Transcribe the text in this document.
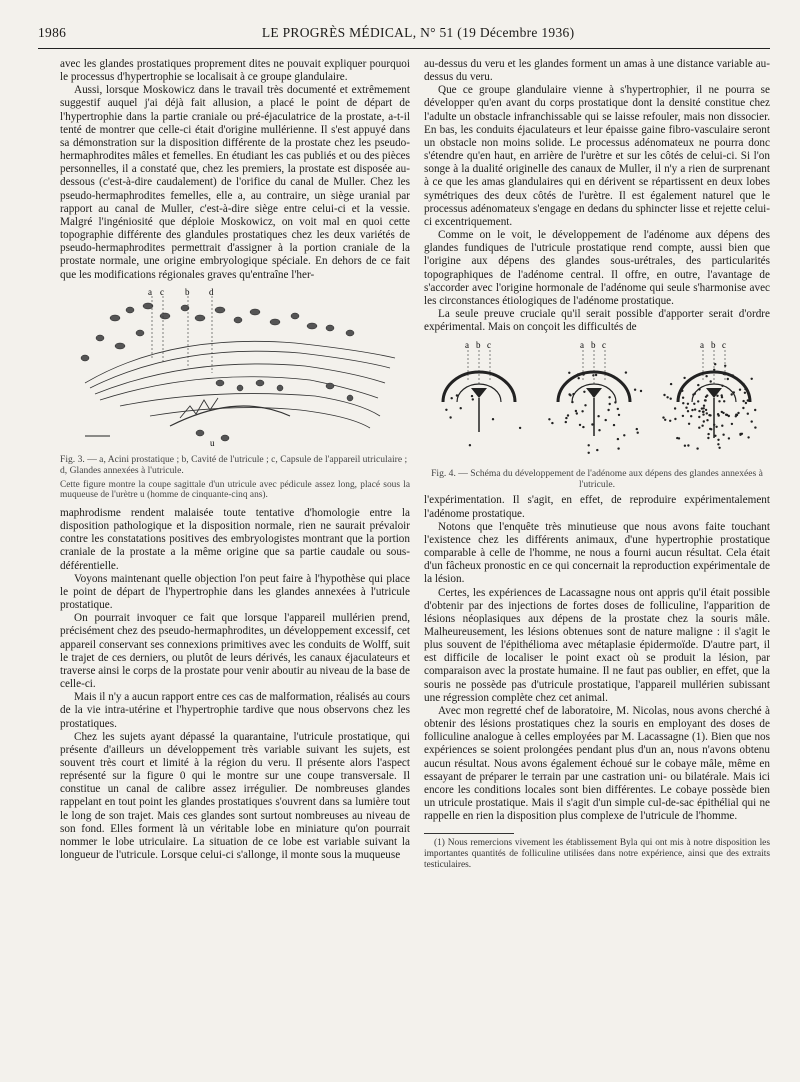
1986	LE PROGRÈS MÉDICAL, N° 51 (19 Décembre 1936)

avec les glandes prostatiques proprement dites ne pouvait expliquer pourquoi le processus d'hypertrophie se localisait à ce groupe glandulaire.

Aussi, lorsque Moskowicz dans le travail très documenté et extrêmement suggestif auquel j'ai déjà fait allusion, a placé le point de départ de l'hypertrophie dans la partie craniale ou pré-éjaculatrice de la prostate, a-t-il tenté de montrer que celle-ci était d'origine mullérienne. Il s'est appuyé dans sa démonstration sur la disposition différente de la prostate chez les pseudo-hermaphrodites mâles et femelles. En étudiant les cas publiés et ou des pièces personnelles, il a constaté que, chez les premiers, la prostate est disposée au-dessous (c'est-à-dire caudalement) de l'orifice du canal de Muller. Chez les pseudo-hermaphrodites femelles, elle a, au contraire, un siège uranial par rapport au canal de Muller, c'est-à-dire siège entre celui-ci et la vessie. Malgré l'ingéniosité que déploie Moskowicz, on voit mal en quoi cette topographie différente des glandules prostatiques chez les deux variétés de pseudo-hermaphrodites permettrait d'assigner à la portion craniale de la prostate normale, une origine embryologique spéciale. En dehors de ce fait que les modifications régionales graves qu'entraîne l'her-

a c b d
u
Fig. 3. — a, Acini prostatique ; b, Cavité de l'utricule ; c, Capsule de l'appareil utriculaire ; d, Glandes annexées à l'utricule.
Cette figure montre la coupe sagittale d'un utricule avec pédicule assez long, placé sous la muqueuse de l'urètre u (homme de cinquante-cinq ans).

maphrodisme rendent malaisée toute tentative d'homologie entre la disposition pathologique et la disposition normale, rien ne saurait prévaloir contre les constatations positives des embryologistes montrant que la portion craniale de la prostate a la même origine que sa partie caudale ou sous-déférentielle.

Voyons maintenant quelle objection l'on peut faire à l'hypothèse qui place le point de départ de l'hypertrophie dans les glandes annexées à l'utricule prostatique.

On pourrait invoquer ce fait que lorsque l'appareil mullérien prend, précisément chez des pseudo-hermaphrodites, un développement excessif, cet appareil conservant ses connexions primitives avec les conduits de Wolff, suit le trajet de ces derniers, ou plutôt de leurs dérivés, les canaux éjaculateurs et traverse ainsi le corps de la prostate pour venir aboutir au niveau de la base de celle-ci.

Mais il n'y a aucun rapport entre ces cas de malformation, réalisés au cours de la vie intra-utérine et l'hypertrophie tardive que nous observons chez les prostatiques.

Chez les sujets ayant dépassé la quarantaine, l'utricule prostatique, qui présente d'ailleurs un développement très variable suivant les sujets, est souvent très court et limité à la région du veru. Il présente alors l'aspect représenté sur la figure 0 qui le montre sur une coupe transversale. Il constitue un canal de calibre assez irrégulier. De nombreuses glandes rappelant en tout point les glandes prostatiques s'ouvrent dans sa lumière tout le long de son trajet. Mais ces glandes sont surtout nombreuses au niveau de son fond. Elles forment là un véritable lobe en miniature qu'on pourrait nommer le lobe utriculaire. La situation de ce lobe est variable suivant la longueur de l'utricule. Lorsque celui-ci s'allonge, il monte sous la muqueuse

au-dessus du veru et les glandes forment un amas à une distance variable au-dessus du veru.

Que ce groupe glandulaire vienne à s'hypertrophier, il ne pourra se développer qu'en avant du corps prostatique dont la densité constitue chez l'adulte un obstacle infranchissable qui se laisse refouler, mais non dissocier. En bas, les conduits éjaculateurs et leur épaisse gaine fibro-vasculaire seront un obstacle non moins solide. Le processus adénomateux ne pourra donc s'étendre qu'en haut, en arrière de l'urètre et sur les côtés de celui-ci. Si l'on songe à la dualité originelle des canaux de Muller, il n'y a rien de surprenant à ce que les amas glandulaires qui en dérivent se répartissent en deux lobes symétriques des deux côtés de l'urètre. Il est également naturel que le processus adénomateux s'engage en dedans du sphincter lisse et rejette celui-ci excentriquement.

Comme on le voit, le développement de l'adénome aux dépens des glandes fundiques de l'utricule prostatique rend compte, aussi bien que l'origine aux dépens des glandes sous-urétrales, des particularités topographiques de l'adénome central. Il offre, en outre, l'avantage de s'accorder avec l'origine hormonale de l'adénome qui seule s'harmonise avec les circonstances étiologiques de l'adénome prostatique.

La seule preuve cruciale qu'il serait possible d'apporter serait d'ordre expérimental. Mais on conçoit les difficultés de

a b c	a b c	a b c
Fig. 4. — Schéma du développement de l'adénome aux dépens des glandes annexées à l'utricule.

l'expérimentation. Il s'agit, en effet, de reproduire expérimentalement l'adénome prostatique.

Notons que l'enquête très minutieuse que nous avons faite touchant l'existence chez les différents animaux, d'une hypertrophie prostatique comparable à celle de l'homme, ne nous a fourni aucun résultat. Cela était d'un fâcheux pronostic en ce qui concernait la reproduction expérimentale de la lésion.

Certes, les expériences de Lacassagne nous ont appris qu'il était possible d'obtenir par des injections de fortes doses de folliculine, l'apparition de lésions néoplasiques aux dépens de la prostate chez la souris mâle. Malheureusement, les lésions obtenues sont de nature maligne : il s'agit le plus souvent de l'épithélioma avec métaplasie épidermoïde. D'autre part, il est difficile de localiser le point exact où se produit la lésion, par comparaison avec la prostate humaine. Il ne faut pas oublier, en effet, que la souris ne possède pas d'utricule prostatique, l'appareil mullérien subissant une régression complète chez cet animal.

Avec mon regretté chef de laboratoire, M. Nicolas, nous avons cherché à obtenir des lésions prostatiques chez la souris en employant des doses de folliculine analogue à celles employées par M. Lacassagne (1). Bien que nos expériences se soient prolongées pendant plus d'un an, nous n'avons obtenu aucun résultat. Nous avons également échoué sur le cobaye mâle, même en essayant de préparer le terrain par une castration uni- ou bilatérale. Mais ici encore les conditions locales sont bien différentes. Le cobaye possède bien un utricule prostatique. Mais il s'agit d'un simple cul-de-sac épithélial qui ne rappelle en rien la disposition plus complexe de l'utricule de l'homme.

(1) Nous remercions vivement les établissement Byla qui ont mis à notre disposition les importantes quantités de folliculine utilisées dans notre expérience, ainsi que des extraits testiculaires.
